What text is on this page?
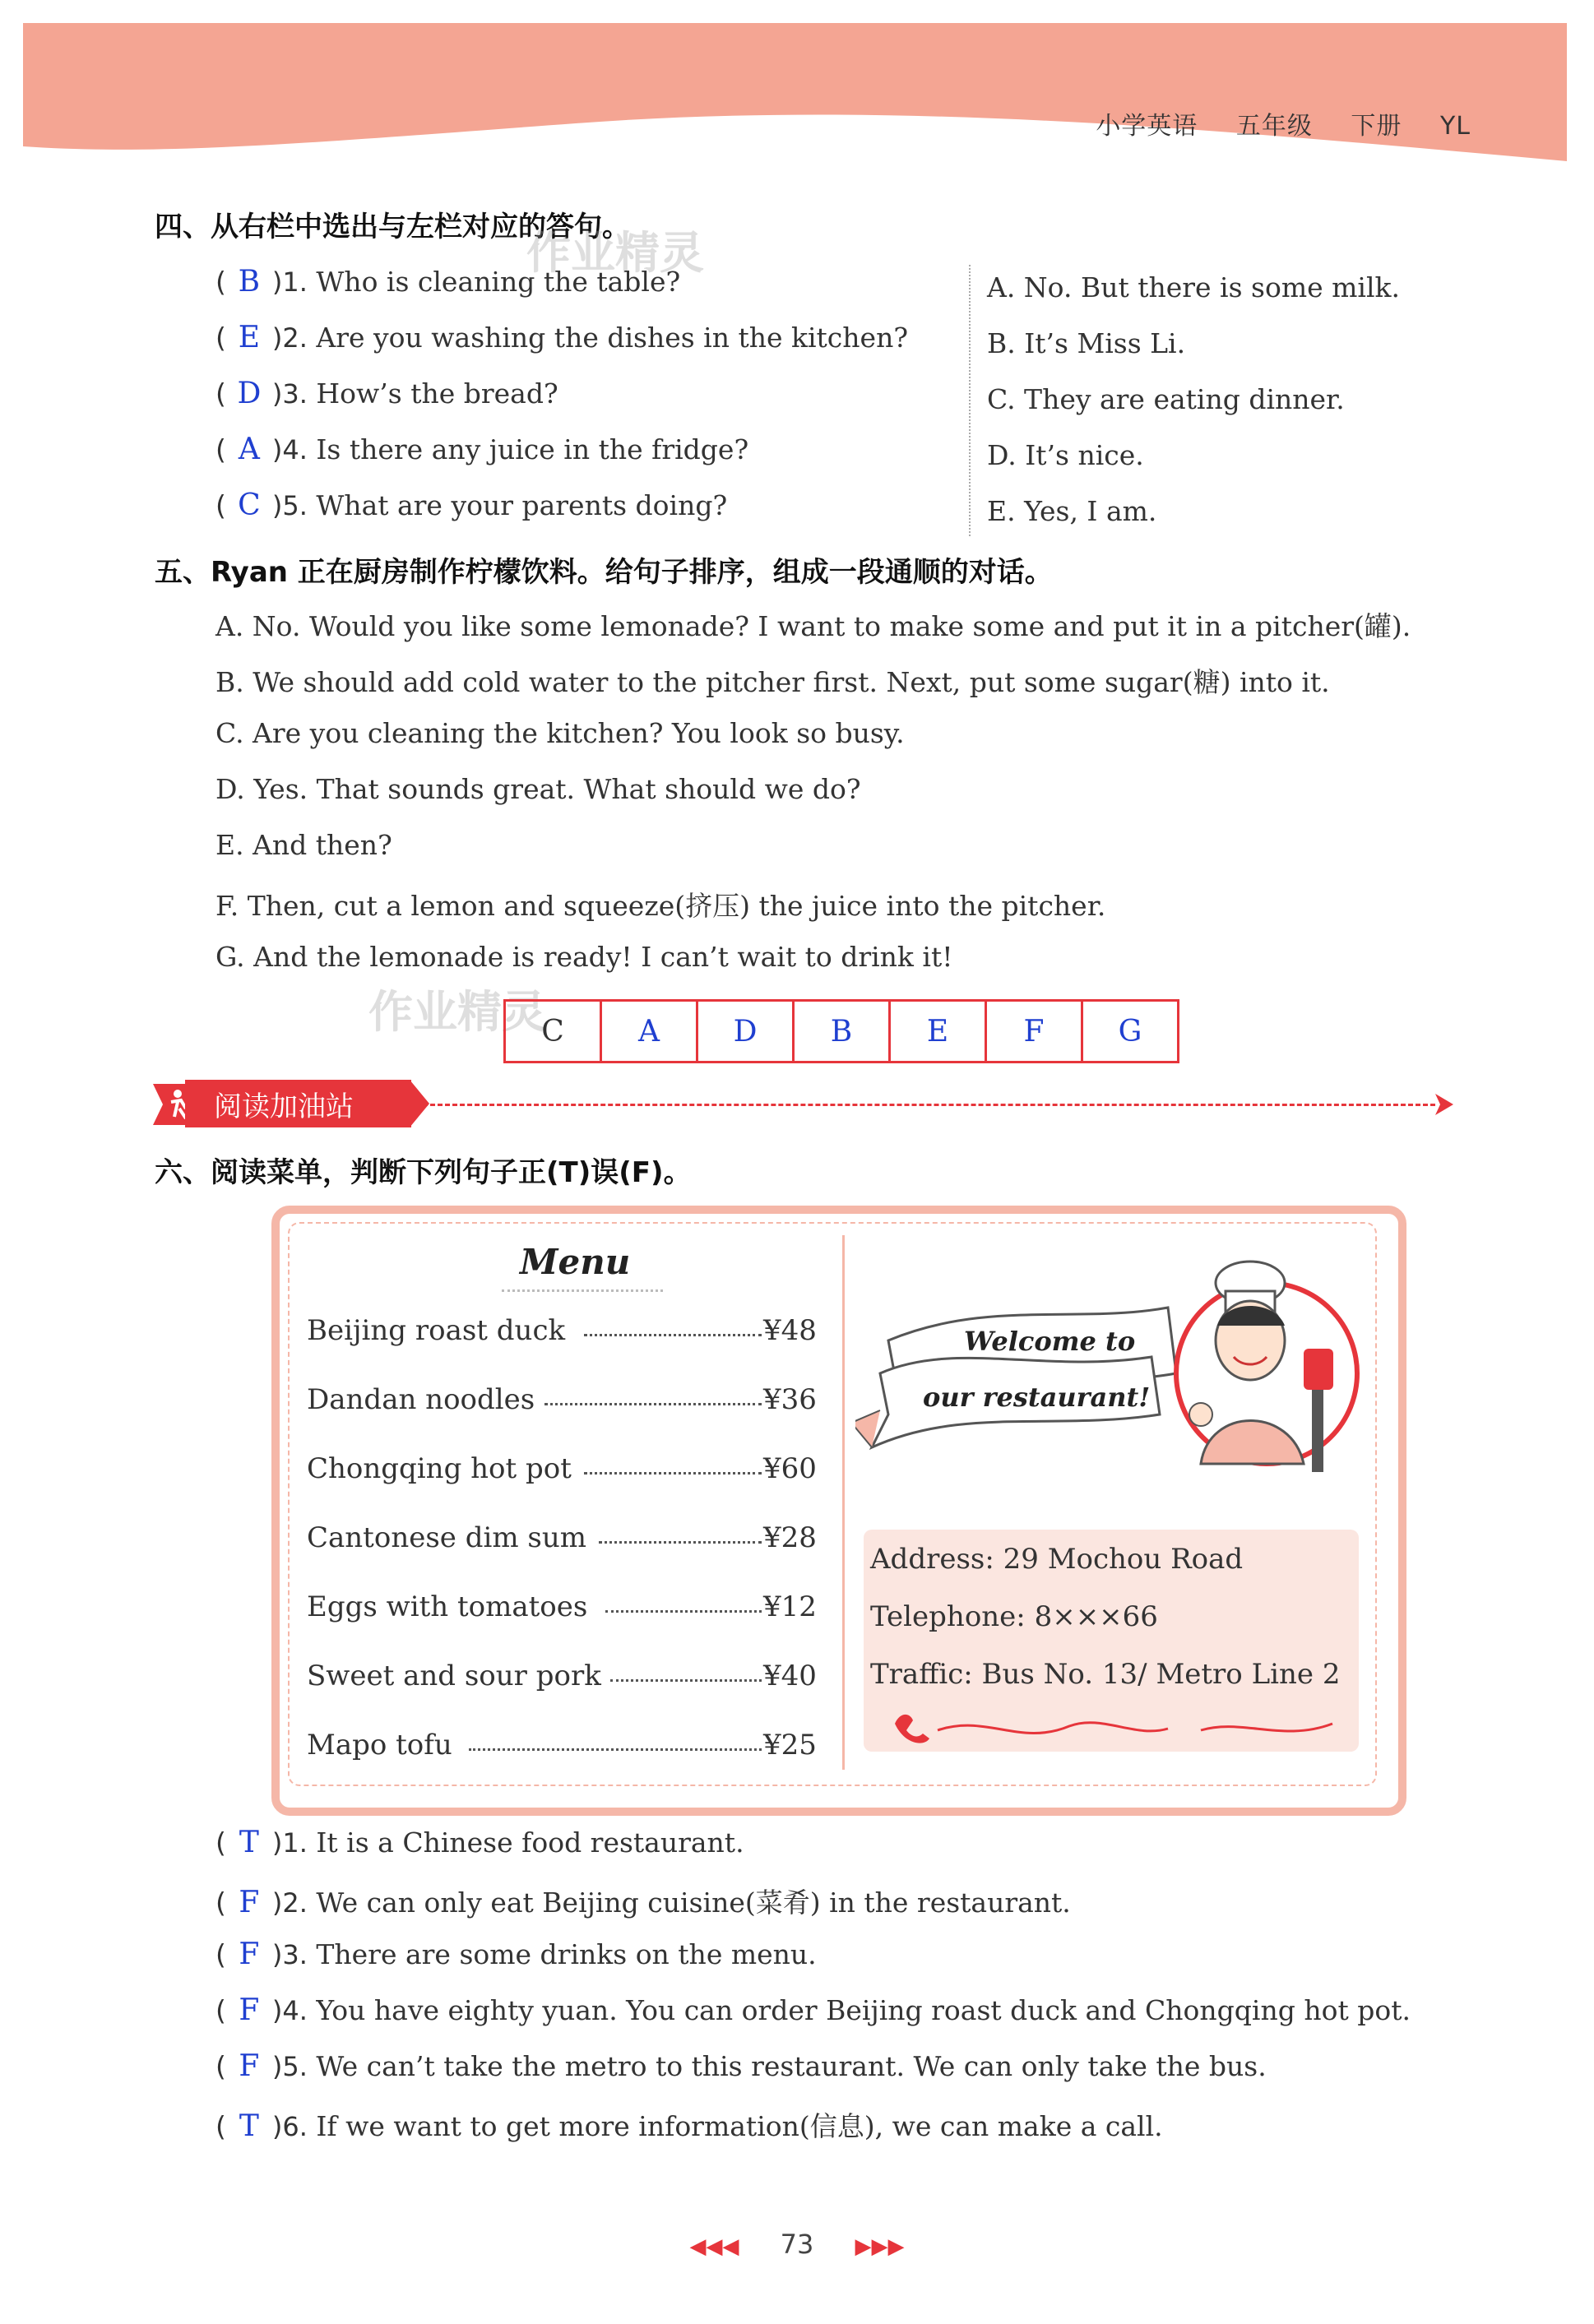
小学英语 五年级 下册 YL
四、从右栏中选出与左栏对应的答句。
作业精灵
( B )1. Who is cleaning the table?
( E )2. Are you washing the dishes in the kitchen?
( D )3. How’s the bread?
( A )4. Is there any juice in the fridge?
( C )5. What are your parents doing?
A. No. But there is some milk.
B. It’s Miss Li.
C. They are eating dinner.
D. It’s nice.
E. Yes, I am.
五、Ryan 正在厨房制作柠檬饮料。给句子排序，组成一段通顺的对话。
A. No. Would you like some lemonade? I want to make some and put it in a pitcher(罐).
B. We should add cold water to the pitcher first. Next, put some sugar(糖) into it.
C. Are you cleaning the kitchen? You look so busy.
D. Yes. That sounds great. What should we do?
E. And then?
F. Then, cut a lemon and squeeze(挤压) the juice into the pitcher.
G. And the lemonade is ready! I can’t wait to drink it!
作业精灵
C	A	D	B	E	F	G
阅读加油站
六、阅读菜单，判断下列句子正(T)误(F)。
Menu
Beijing roast duck	¥48
Dandan noodles	¥36
Chongqing hot pot	¥60
Cantonese dim sum	¥28
Eggs with tomatoes	¥12
Sweet and sour pork	¥40
Mapo tofu	¥25
Welcome to
our restaurant!
Address: 29 Mochou Road
Telephone: 8×××66
Traffic: Bus No. 13/ Metro Line 2
( T )1. It is a Chinese food restaurant.
( F )2. We can only eat Beijing cuisine(菜肴) in the restaurant.
( F )3. There are some drinks on the menu.
( F )4. You have eighty yuan. You can order Beijing roast duck and Chongqing hot pot.
( F )5. We can’t take the metro to this restaurant. We can only take the bus.
( T )6. If we want to get more information(信息), we can make a call.
◀◀◀ 73 ▶▶▶
